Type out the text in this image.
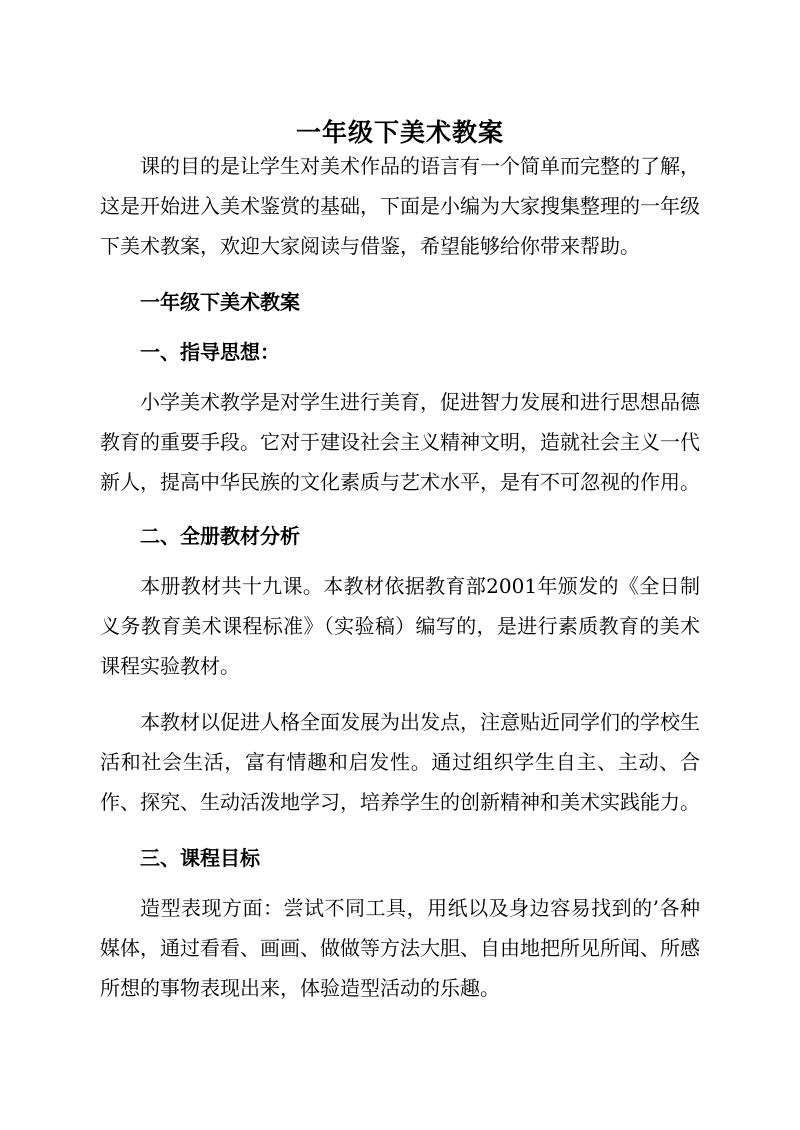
一年级下美术教案

课的目的是让学生对美术作品的语言有一个简单而完整的了解，这是开始进入美术鉴赏的基础，下面是小编为大家搜集整理的一年级下美术教案，欢迎大家阅读与借鉴，希望能够给你带来帮助。

一年级下美术教案

一、指导思想：

小学美术教学是对学生进行美育，促进智力发展和进行思想品德教育的重要手段。它对于建设社会主义精神文明，造就社会主义一代新人，提高中华民族的文化素质与艺术水平，是有不可忽视的作用。

二、全册教材分析

本册教材共十九课。本教材依据教育部2001年颁发的《全日制义务教育美术课程标准》（实验稿）编写的，是进行素质教育的美术课程实验教材。

本教材以促进人格全面发展为出发点，注意贴近同学们的学校生活和社会生活，富有情趣和启发性。通过组织学生自主、主动、合作、探究、生动活泼地学习，培养学生的创新精神和美术实践能力。

三、课程目标

造型表现方面：尝试不同工具，用纸以及身边容易找到的’各种媒体，通过看看、画画、做做等方法大胆、自由地把所见所闻、所感所想的事物表现出来，体验造型活动的乐趣。
